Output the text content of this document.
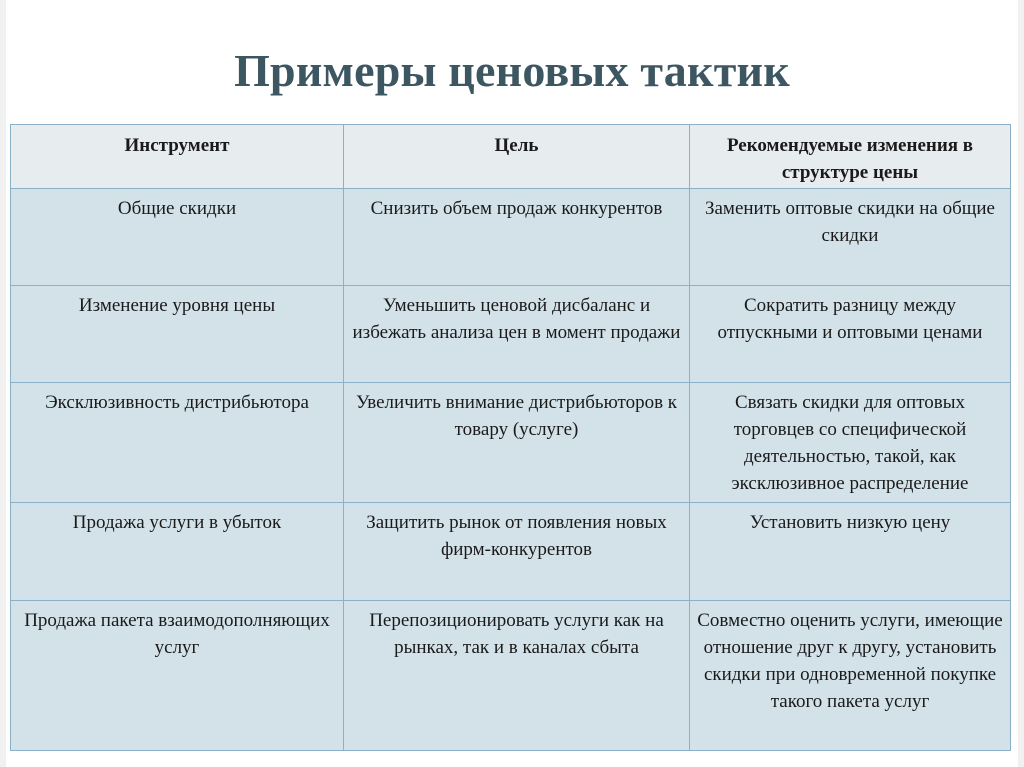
Примеры ценовых тактик
Инструмент	Цель	Рекомендуемые изменения в структуре цены
Общие скидки	Снизить объем продаж конкурентов	Заменить оптовые скидки на общие скидки
Изменение уровня цены	Уменьшить ценовой дисбаланс и избежать анализа цен в момент продажи	Сократить разницу между отпускными и оптовыми ценами
Эксклюзивность дистрибьютора	Увеличить внимание дистрибьюторов к товару (услуге)	Связать скидки для оптовых торговцев со специфической деятельностью, такой, как эксклюзивное распределение
Продажа услуги в убыток	Защитить рынок от появления новых фирм-конкурентов	Установить низкую цену
Продажа пакета взаимодополняющих услуг	Перепозиционировать услуги как на рынках, так и в каналах сбыта	Совместно оценить услуги, имеющие отношение друг к другу, установить скидки при одновременной покупке такого пакета услуг
